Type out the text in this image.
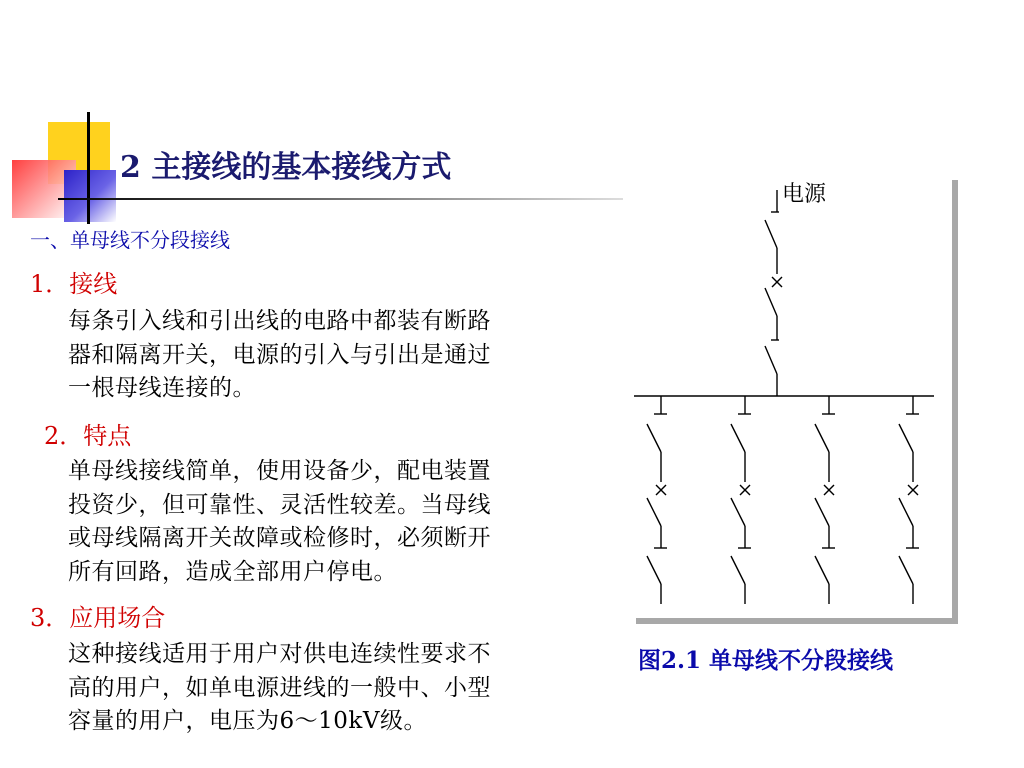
2 主接线的基本接线方式
一、单母线不分段接线
1．接线
每条引入线和引出线的电路中都装有断路
器和隔离开关，电源的引入与引出是通过
一根母线连接的。
2．特点
单母线接线简单，使用设备少，配电装置
投资少，但可靠性、灵活性较差。当母线
或母线隔离开关故障或检修时，必须断开
所有回路，造成全部用户停电。
3．应用场合
这种接线适用于用户对供电连续性要求不
高的用户，如单电源进线的一般中、小型
容量的用户，电压为6～10kV级。
电源
图2.1 单母线不分段接线
